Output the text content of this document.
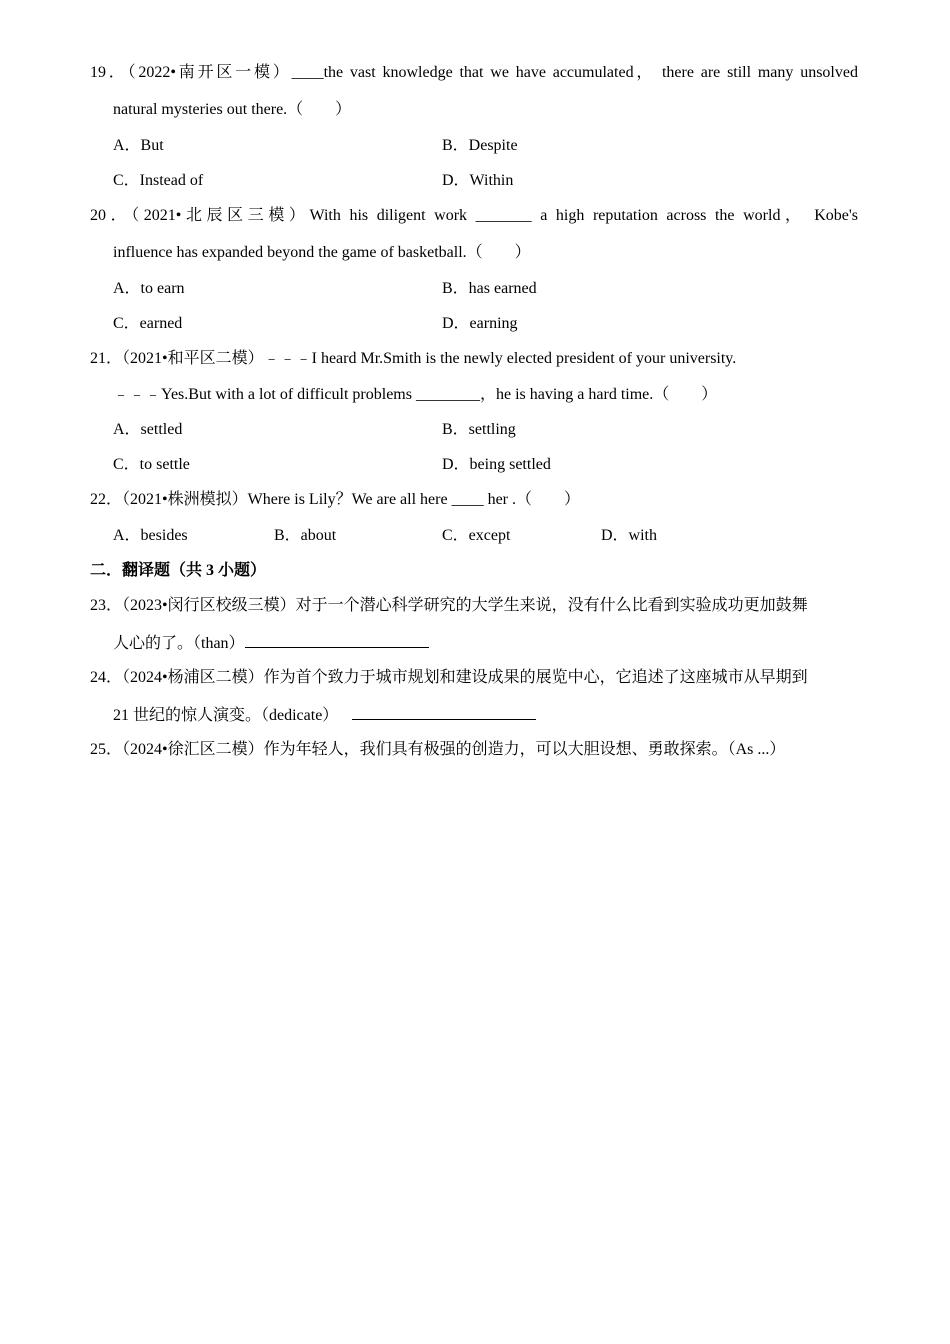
19．（2022•南开区一模）____the vast knowledge that we have accumulated， there are still many unsolved
natural mysteries out there.（　　）
A．But	B．Despite
C．Instead of	D．Within
20．（2021•北辰区三模）With his diligent work _______ a high reputation across the world， Kobe's
influence has expanded beyond the game of basketball.（　　）
A．to earn	B．has earned
C．earned	D．earning
21．（2021•和平区二模）﹣﹣﹣I heard Mr.Smith is the newly elected president of your university.
﹣﹣﹣Yes.But with a lot of difficult problems ________，he is having a hard time.（　　）
A．settled	B．settling
C．to settle	D．being settled
22．（2021•株洲模拟）Where is Lily？We are all here ____ her .（　　）
A．besides	B．about	C．except	D．with
二．翻译题（共 3 小题）
23．（2023•闵行区校级三模）对于一个潜心科学研究的大学生来说，没有什么比看到实验成功更加鼓舞
人心的了。（than）
24．（2024•杨浦区二模）作为首个致力于城市规划和建设成果的展览中心，它追述了这座城市从早期到
21 世纪的惊人演变。（dedicate）
25．（2024•徐汇区二模）作为年轻人，我们具有极强的创造力，可以大胆设想、勇敢探索。（As ...）
